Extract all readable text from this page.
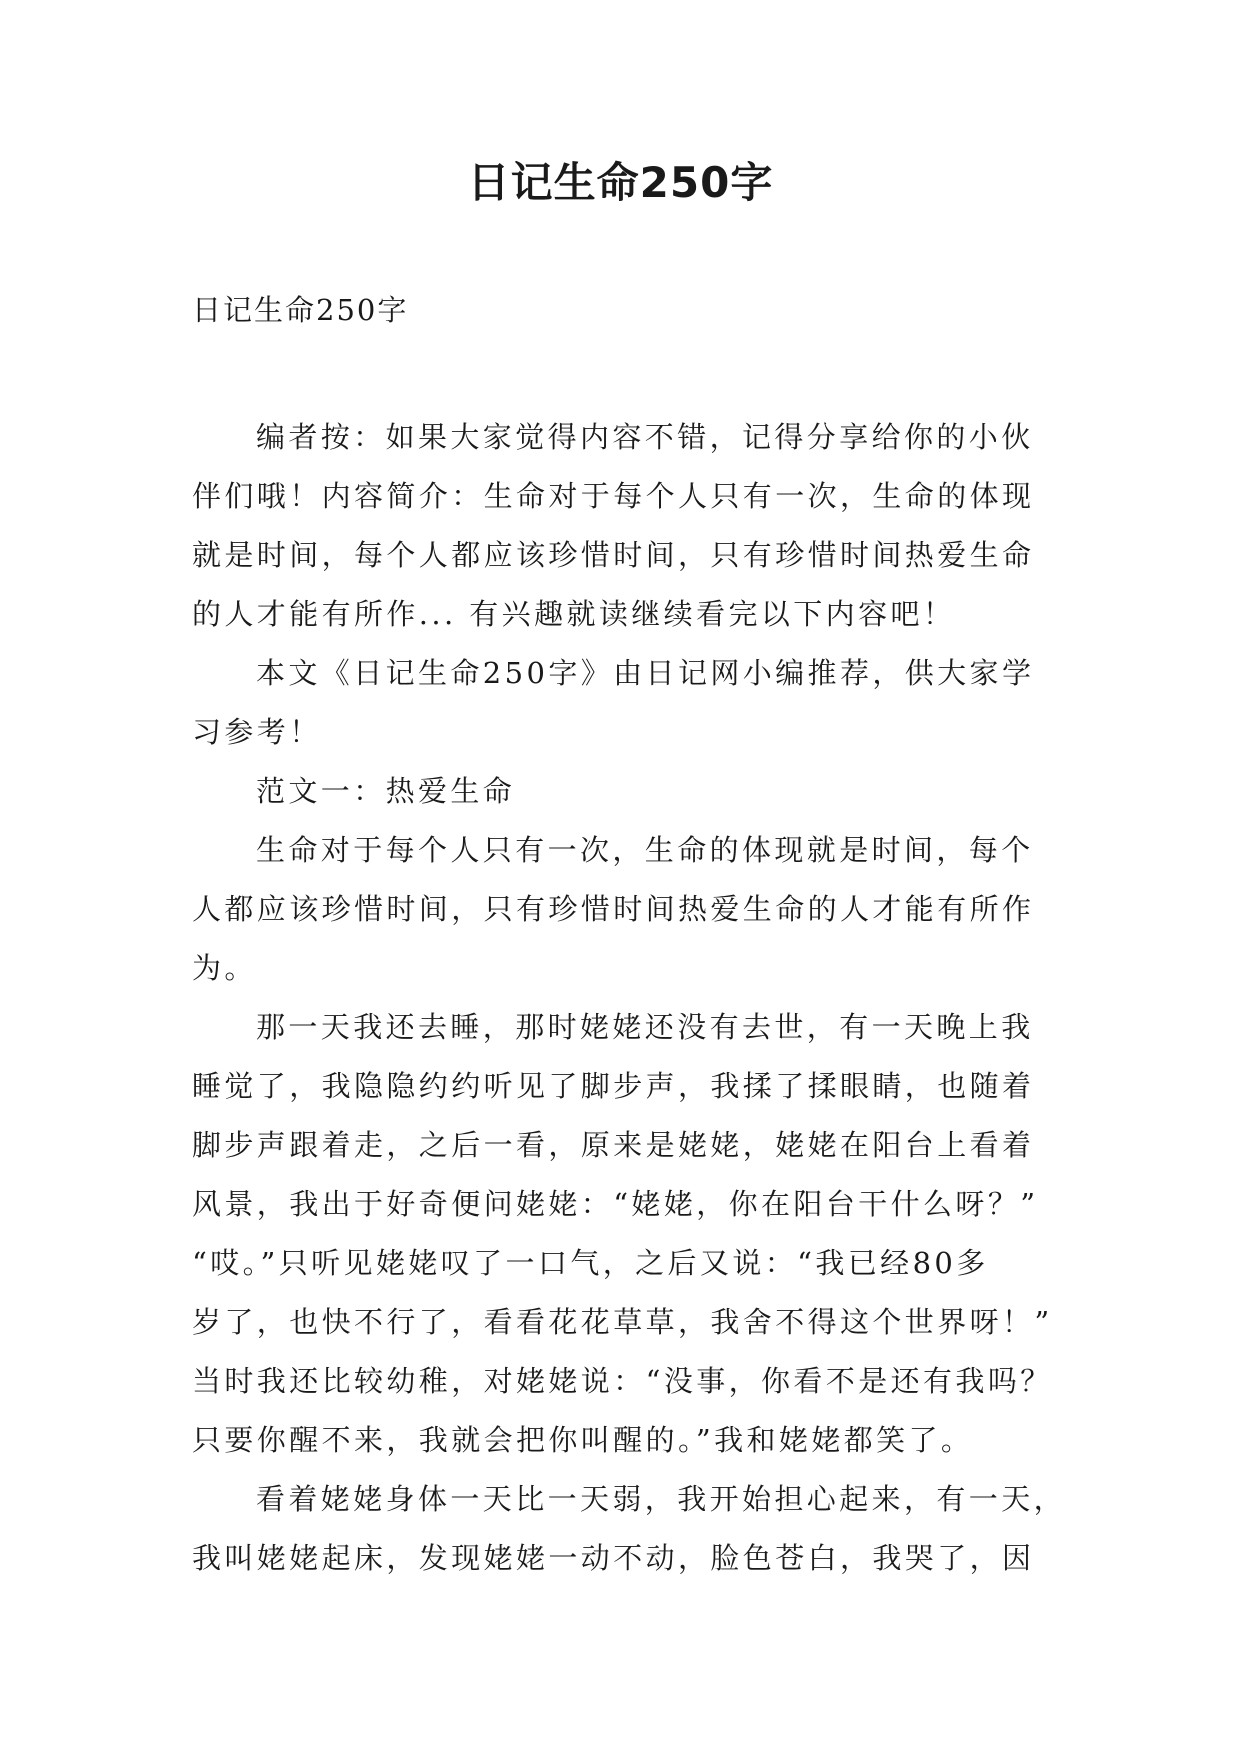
日记生命250字
日记生命250字
编者按：如果大家觉得内容不错，记得分享给你的小伙
伴们哦！内容简介：生命对于每个人只有一次，生命的体现
就是时间，每个人都应该珍惜时间，只有珍惜时间热爱生命
的人才能有所作... 有兴趣就读继续看完以下内容吧！
本文《日记生命250字》由日记网小编推荐，供大家学
习参考！
范文一：热爱生命
生命对于每个人只有一次，生命的体现就是时间，每个
人都应该珍惜时间，只有珍惜时间热爱生命的人才能有所作
为。
那一天我还去睡，那时姥姥还没有去世，有一天晚上我
睡觉了，我隐隐约约听见了脚步声，我揉了揉眼睛，也随着
脚步声跟着走，之后一看，原来是姥姥，姥姥在阳台上看着
风景，我出于好奇便问姥姥：“姥姥，你在阳台干什么呀？”
“哎。”只听见姥姥叹了一口气，之后又说：“我已经80多
岁了，也快不行了，看看花花草草，我舍不得这个世界呀！”
当时我还比较幼稚，对姥姥说：“没事，你看不是还有我吗？
只要你醒不来，我就会把你叫醒的。”我和姥姥都笑了。
看着姥姥身体一天比一天弱，我开始担心起来，有一天，
我叫姥姥起床，发现姥姥一动不动，脸色苍白，我哭了，因
